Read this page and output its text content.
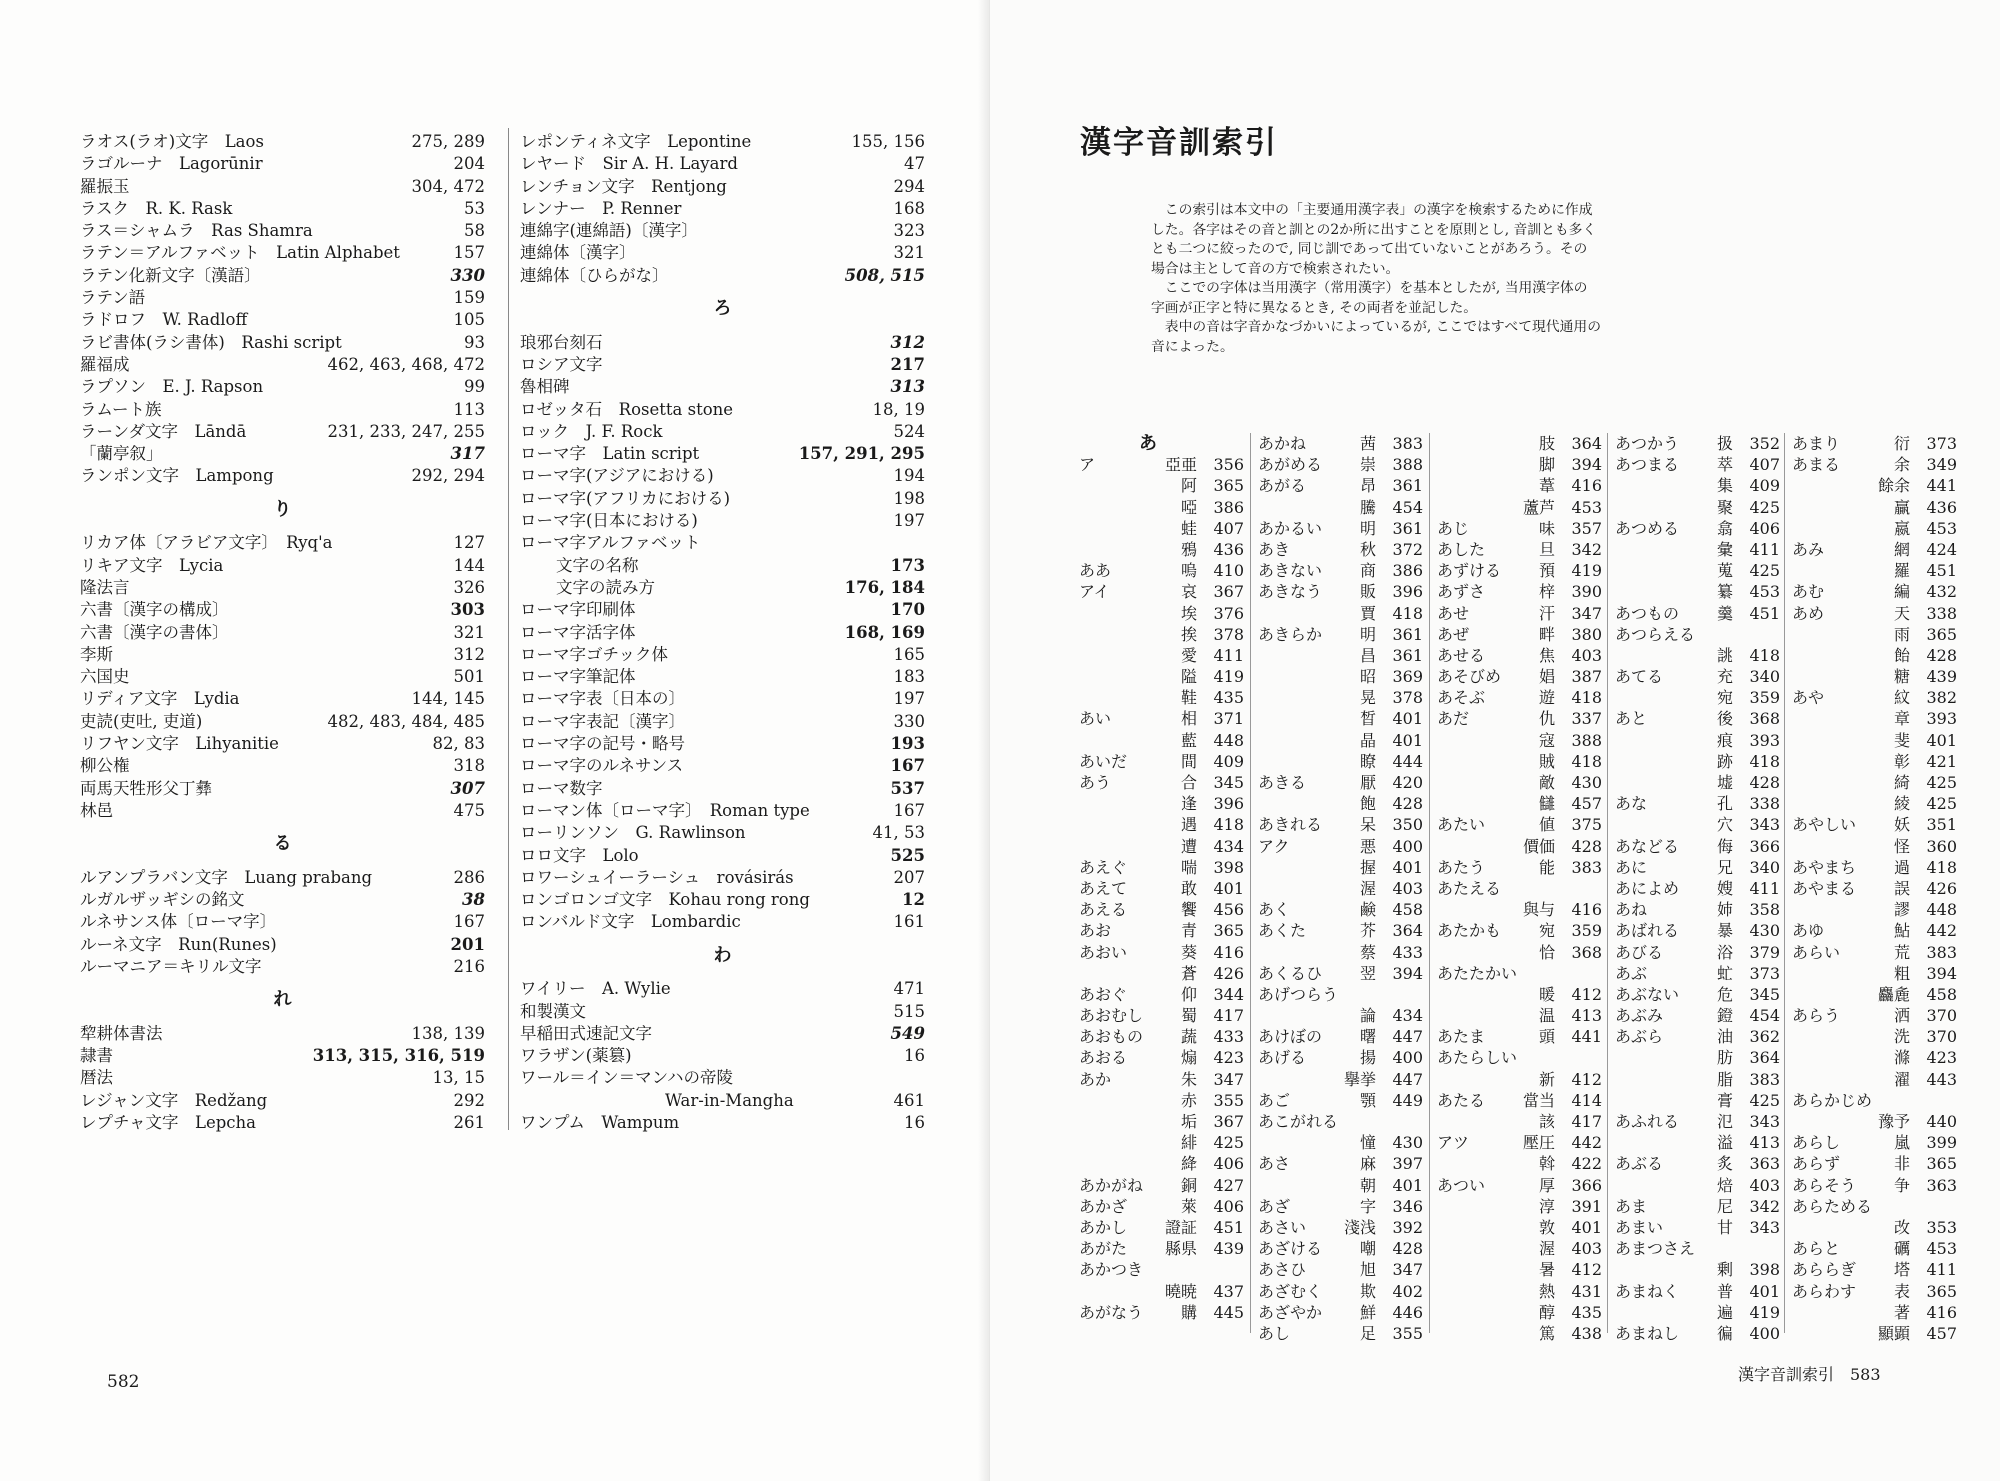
ラオス(ラオ)文字　Laos	275, 289
ラゴルーナ　Lagorūnir	204
羅振玉	304, 472
ラスク　R. K. Rask	53
ラス＝シャムラ　Ras Shamra	58
ラテン＝アルファベット　Latin Alphabet	157
ラテン化新文字〔漢語〕	330
ラテン語	159
ラドロフ　W. Radloff	105
ラビ書体(ラシ書体)　Rashi script	93
羅福成	462, 463, 468, 472
ラプソン　E. J. Rapson	99
ラムート族	113
ラーンダ文字　Lāndā	231, 233, 247, 255
「蘭亭叙」	317
ランポン文字　Lampong	292, 294
り
リカア体〔アラビア文字〕　Ryq'a	127
リキア文字　Lycia	144
隆法言	326
六書〔漢字の構成〕	303
六書〔漢字の書体〕	321
李斯	312
六国史	501
リディア文字　Lydia	144, 145
吏読(吏吐, 吏道)	482, 483, 484, 485
リフヤン文字　Lihyanitie	82, 83
柳公権	318
両馬天牲形父丁彝	307
林邑	475
る
ルアンプラバン文字　Luang prabang	286
ルガルザッギシの銘文	38
ルネサンス体〔ローマ字〕	167
ルーネ文字　Run(Runes)	201
ルーマニア＝キリル文字	216
れ
犂耕体書法	138, 139
隷書	313, 315, 316, 519
暦法	13, 15
レジャン文字　Redžang	292
レプチャ文字　Lepcha	261
レポンティネ文字　Lepontine	155, 156
レヤード　Sir A. H. Layard	47
レンチョン文字　Rentjong	294
レンナー　P. Renner	168
連綿字(連綿語)〔漢字〕	323
連綿体〔漢字〕	321
連綿体〔ひらがな〕	508, 515
ろ
琅邪台刻石	312
ロシア文字	217
魯相碑	313
ロゼッタ石　Rosetta stone	18, 19
ロック　J. F. Rock	524
ローマ字　Latin script	157, 291, 295
ローマ字(アジアにおける)	194
ローマ字(アフリカにおける)	198
ローマ字(日本における)	197
ローマ字アルファベット
文字の名称	173
文字の読み方	176, 184
ローマ字印刷体	170
ローマ字活字体	168, 169
ローマ字ゴチック体	165
ローマ字筆記体	183
ローマ字表〔日本の〕	197
ローマ字表記〔漢字〕	330
ローマ字の記号・略号	193
ローマ字のルネサンス	167
ローマ数字	537
ローマン体〔ローマ字〕　Roman type	167
ローリンソン　G. Rawlinson	41, 53
ロロ文字　Lolo	525
ロワーシュイーラーシュ　rovásirás	207
ロンゴロンゴ文字　Kohau rong rong	12
ロンバルド文字　Lombardic	161
わ
ワイリー　A. Wylie	471
和製漢文	515
早稲田式速記文字	549
ワラザン(薬篡)	16
ワール＝イン＝マンハの帝陵
War-in-Mangha	461
ワンプム　Wampum	16
582
漢字音訓索引

この索引は本文中の「主要通用漢字表」の漢字を検索するために作成した。各字はその音と訓との2か所に出すことを原則とし, 音訓とも多くとも二つに絞ったので, 同じ訓であって出ていないことがあろう。その場合は主として音の方で検索されたい。

ここでの字体は当用漢字（常用漢字）を基本としたが, 当用漢字体の字画が正字と特に異なるとき, その両者を並記した。

表中の音は字音かなづかいによっているが, ここではすべて現代通用の音によった。

あ
ア	亞亜 356
阿 365
啞 386
蛙 407
鴉 436
ああ	嗚 410
アイ	哀 367
埃 376
挨 378
愛 411
隘 419
鞋 435
あい	相 371
藍 448
あいだ	間 409
あう	合 345
逢 396
遇 418
遭 434
あえぐ	喘 398
あえて	敢 401
あえる	饗 456
あお	青 365
あおい	葵 416
蒼 426
あおぐ	仰 344
あおむし 蜀 417
あおもの 蔬 433
あおる	煽 423
あか	朱 347
赤 355
垢 367
緋 425
絳 406
あかがね 銅 427
あかざ	萊 406
あかし 證証 451
あがた 縣県 439
あかつき
曉暁 437
あがなう 購 445
あかね	茜 383
あがめる 崇 388
あがる	昂 361
騰 454
あかるい 明 361
あき	秋 372
あきない 商 386
あきなう 販 396
賈 418
あきらか 明 361
昌 361
昭 369
晃 378
晳 401
晶 401
瞭 444
あきる	厭 420
飽 428
あきれる 呆 350
アク	悪 400
握 401
渥 403
あく	鹸 458
あくた	芥 364
蔡 433
あくるひ 翌 394
あげつらう
論 434
あけぼの 曙 447
あげる	揚 400
擧挙 447
あご	顎 449
あこがれる
憧 430
あさ	麻 397
朝 401
あざ	字 346
あさい 淺浅 392
あざける 嘲 428
あさひ	旭 347
あざむく 欺 402
あざやか 鮮 446
あし	足 355
肢 364
脚 394
葦 416
蘆芦 453
あじ	味 357
あした	旦 342
あずける 預 419
あずさ	梓 390
あせ	汗 347
あぜ	畔 380
あせる	焦 403
あそびめ 娼 387
あそぶ	遊 418
あだ	仇 337
寇 388
賊 418
敵 430
讎 457
あたい	値 375
價価 428
あたう	能 383
あたえる
與与 416
あたかも 宛 359
恰 368
あたたかい
暖 412
温 413
あたま	頭 441
あたらしい
新 412
あたる 當当 414
該 417
アツ	壓圧 442
斡 422
あつい	厚 366
淳 391
敦 401
渥 403
暑 412
熱 431
醇 435
篤 438
あつかう 扱 352
あつまる 萃 407
集 409
聚 425
あつめる 翕 406
彙 411
蒐 425
纂 453
あつもの 羹 451
あつらえる
誂 418
あてる	充 340
宛 359
あと	後 368
痕 393
跡 418
墟 428
あな	孔 338
穴 343
あなどる 侮 366
あに	兄 340
あによめ 嫂 411
あね	姉 358
あばれる 暴 430
あびる	浴 379
あぶ	虻 373
あぶない 危 345
あぶみ	鐙 454
あぶら	油 362
肪 364
脂 383
膏 425
あふれる 氾 343
溢 413
あぶる	炙 363
焙 403
あま	尼 342
あまい	甘 343
あまつさえ
剰 398
あまねく 普 401
遍 419
あまねし 徧 400
あまり	衍 373
あまる	余 349
餘余 441
贏 436
嬴 453
あみ	網 424
羅 451
あむ	編 432
あめ	天 338
雨 365
飴 428
糖 439
あや	紋 382
章 393
斐 401
彰 421
綺 425
綾 425
あやしい 妖 351
怪 360
あやまち 過 418
あやまる 誤 426
謬 448
あゆ	鮎 442
あらい	荒 383
粗 394
麤麁 458
あらう	洒 370
洗 370
滌 423
濯 443
あらかじめ
豫予 440
あらし	嵐 399
あらず	非 365
あらそう 争 363
あらためる
改 353
あらと	礪 453
あららぎ 塔 411
あらわす 表 365
著 416
顯顕 457
漢字音訓索引　583
